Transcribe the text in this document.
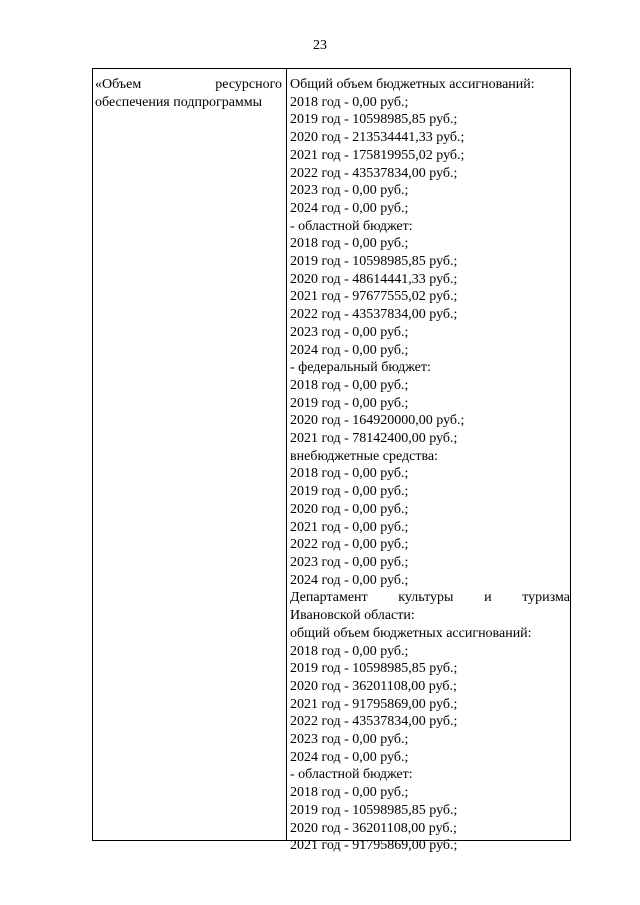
23
«Объем	ресурсного
обеспечения подпрограммы
Общий объем бюджетных ассигнований:
2018 год - 0,00 руб.;
2019 год - 10598985,85 руб.;
2020 год - 213534441,33 руб.;
2021 год - 175819955,02 руб.;
2022 год - 43537834,00 руб.;
2023 год - 0,00 руб.;
2024 год - 0,00 руб.;
- областной бюджет:
2018 год - 0,00 руб.;
2019 год - 10598985,85 руб.;
2020 год - 48614441,33 руб.;
2021 год - 97677555,02 руб.;
2022 год - 43537834,00 руб.;
2023 год - 0,00 руб.;
2024 год - 0,00 руб.;
- федеральный бюджет:
2018 год - 0,00 руб.;
2019 год - 0,00 руб.;
2020 год - 164920000,00 руб.;
2021 год - 78142400,00 руб.;
внебюджетные средства:
2018 год - 0,00 руб.;
2019 год - 0,00 руб.;
2020 год - 0,00 руб.;
2021 год - 0,00 руб.;
2022 год - 0,00 руб.;
2023 год - 0,00 руб.;
2024 год - 0,00 руб.;
Департамент культуры и туризма
Ивановской области:
общий объем бюджетных ассигнований:
2018 год - 0,00 руб.;
2019 год - 10598985,85 руб.;
2020 год - 36201108,00 руб.;
2021 год - 91795869,00 руб.;
2022 год - 43537834,00 руб.;
2023 год - 0,00 руб.;
2024 год - 0,00 руб.;
- областной бюджет:
2018 год - 0,00 руб.;
2019 год - 10598985,85 руб.;
2020 год - 36201108,00 руб.;
2021 год - 91795869,00 руб.;
